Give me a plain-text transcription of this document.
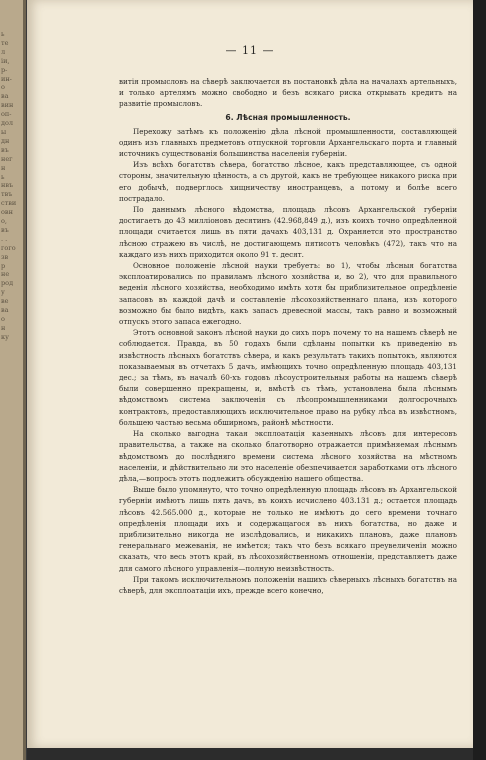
ь
те
л
іи,
р-
ин-
о
ва
вин
оп-
дол
ы
дн
въ
нег
н
ь
нвъ
твъ
стви
овн
о,
въ
. .
гого
зв
р
не
род
у
ве
ва
о
н
ку
— 11 —

витія промысловъ на сѣверѣ заключается въ постановкѣ дѣла на началахъ артельныхъ, и только артелямъ можно свободно и безъ всякаго риска открывать кредитъ на развитіе промысловъ.

6. Лѣсная промышленность.

Перехожу затѣмъ къ положенію дѣла лѣсной промышленности, составляющей одинъ изъ главныхъ предметовъ отпускной торговли Архангельскаго порта и главный источникъ существованія большинства населенія губерніи.

Изъ всѣхъ богатствъ сѣвера, богатство лѣсное, какъ представляющее, съ одной стороны, значительную цѣнность, а съ другой, какъ не требующее никакого риска при его добычѣ, подверглось хищничеству иностранцевъ, а потому и болѣе всего пострадало.

По даннымъ лѣсного вѣдомства, площадь лѣсовъ Архангельской губерніи достигаетъ до 43 милліоновъ десятинъ (42.968,849 д.), изъ коихъ точно опредѣленной площади считается лишь въ пяти дачахъ 403,131 д. Охраняется это пространство лѣсною стражею въ числѣ, не достигающемъ пятисотъ человѣкъ (472), такъ что на каждаго изъ нихъ приходится около 91 т. десят.

Основное положеніе лѣсной науки требуетъ: во 1), чтобы лѣсныя богатства эксплоатировались по правиламъ лѣсного хозяйства и, во 2), что для правильного веденія лѣсного хозяйства, необходимо имѣть хотя бы приблизительное опредѣленіе запасовъ въ каждой дачѣ и составленіе лѣсохозяйственнаго плана, изъ которого возможно бы было видѣть, какъ запасъ древесной массы, такъ равно и возможный отпускъ этого запаса ежегодно.

Этотъ основной законъ лѣсной науки до сихъ поръ почему то на нашемъ сѣверѣ не соблюдается. Правда, въ 50 годахъ были сдѣланы попытки къ приведенію въ извѣстность лѣсныхъ богатствъ сѣвера, и какъ результатъ такихъ попытокъ, являются показываемыя въ отчетахъ 5 дачъ, имѣющихъ точно опредѣленную площадь 403,131 дес.; за тѣмъ, въ началѣ 60-хъ годовъ лѣсоустроительныя работы на нашемъ сѣверѣ были совершенно прекращены, и, вмѣстѣ съ тѣмъ, установлена была лѣснымъ вѣдомствомъ система заключенія съ лѣсопромышленниками долгосрочныхъ контрактовъ, предоставляющихъ исключительное право на рубку лѣса въ извѣстномъ, большею частью весьма обширномъ, районѣ мѣстности.

На сколько выгодна такая эксплоатація казенныхъ лѣсовъ для интересовъ правительства, а также на сколько благотворно отражается примѣняемая лѣснымъ вѣдомствомъ до послѣдняго времени система лѣсного хозяйства на мѣстномъ населеніи, и дѣйствительно ли это населеніе обезпечивается заработками отъ лѣсного дѣла,—вопросъ этотъ подлежитъ обсужденію нашего общества.

Выше было упомянуто, что точно опредѣленную площадь лѣсовъ въ Архангельской губерніи имѣютъ лишь пять дачъ, въ коихъ исчислено 403.131 д.; остается площадь лѣсовъ 42.565.000 д., которые не только не имѣютъ до сего времени точнаго опредѣленія площади ихъ и содержащагося въ нихъ богатства, но даже и приблизительно никогда не изслѣдовались, и никакихъ плановъ, даже плановъ генеральнаго межеванія, не имѣется; такъ что безъ всякаго преувеличенія можно сказать, что весь этотъ край, въ лѣсохозяйственномъ отношеніи, представляетъ даже для самого лѣсного управленія—полную неизвѣстность.

При такомъ исключительномъ положеніи нашихъ сѣверныхъ лѣсныхъ богатствъ на сѣверѣ, для эксплоатаціи ихъ, прежде всего конечно,
